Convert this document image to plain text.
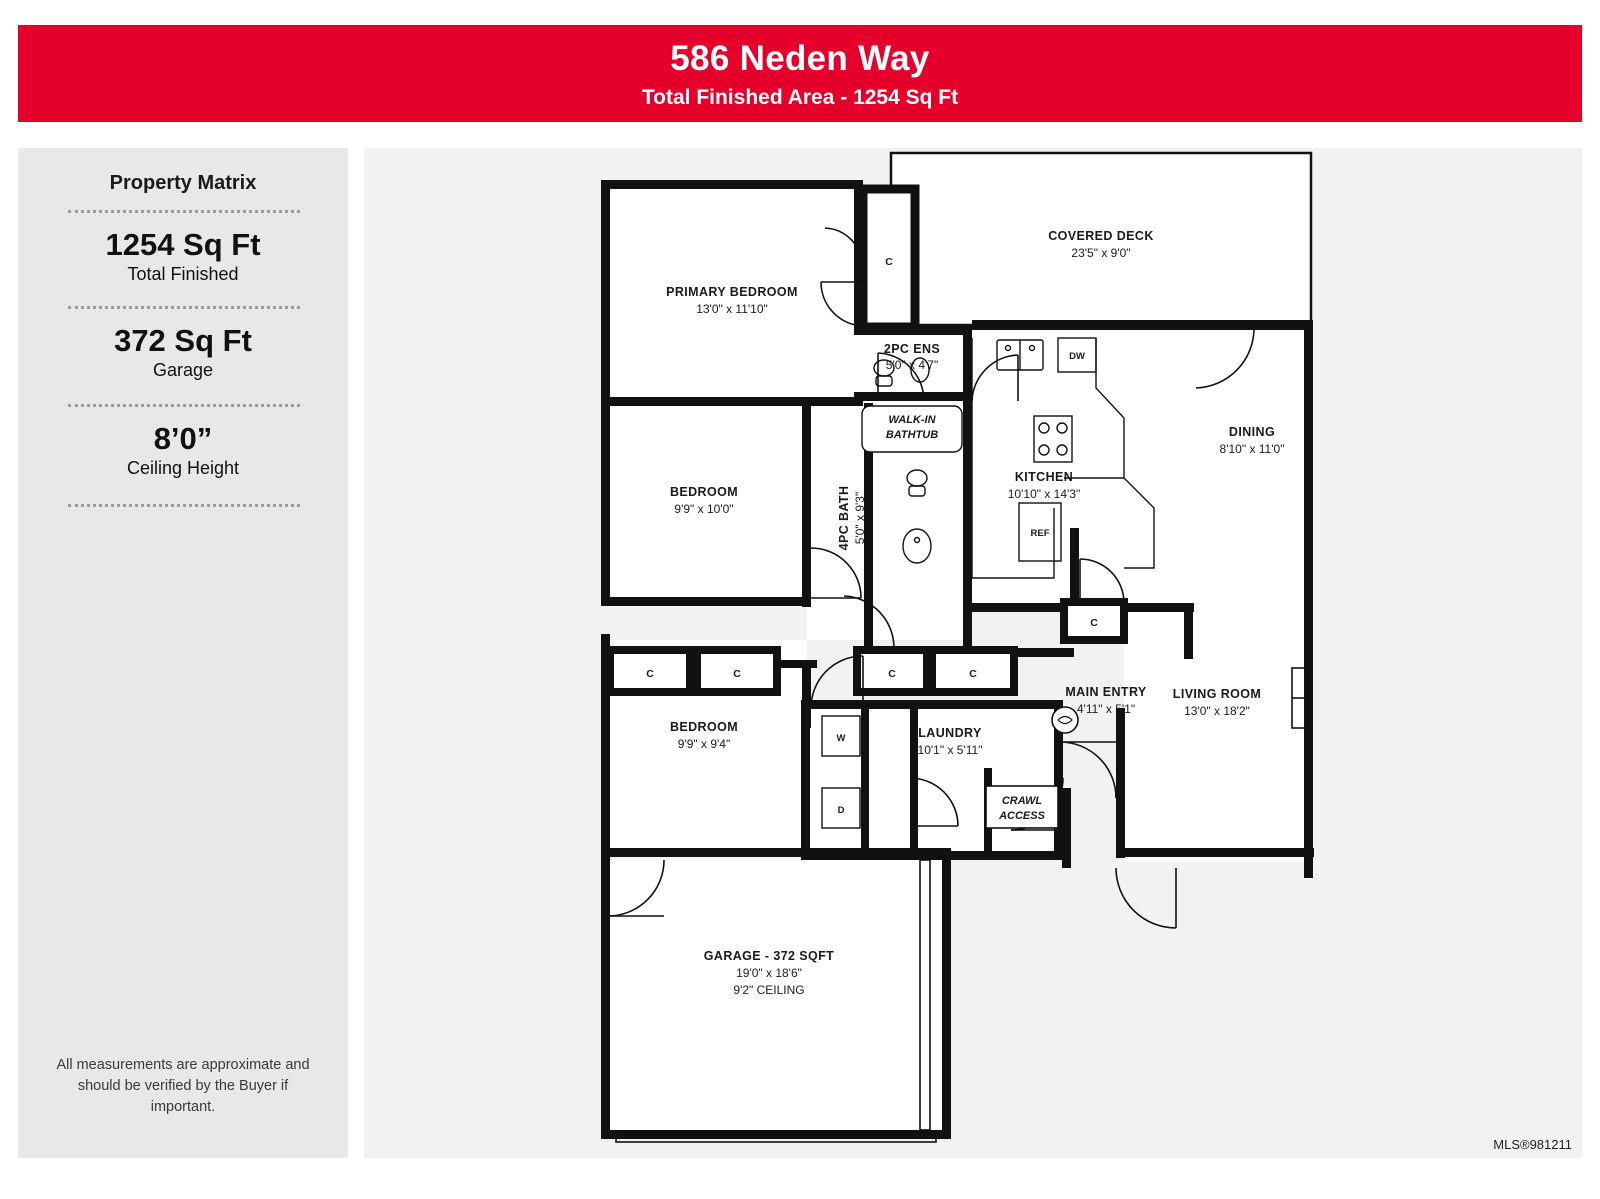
586 Neden Way
Total Finished Area - 1254 Sq Ft
Property Matrix
1254 Sq Ft
Total Finished
372 Sq Ft
Garage
8’0”
Ceiling Height
All measurements are approximate and should be verified by the Buyer if important.
C
C	C	C	C
C
DW
REF
WALK-IN
BATHTUB
W
D
CRAWL
ACCESS
PRIMARY BEDROOM
13'0" x 11'10"
COVERED DECK
23'5" x 9'0"
2PC ENS
5'0" x 4'7"
KITCHEN
10'10" x 14'3"
DINING
8'10" x 11'0"
BEDROOM
9'9" x 10'0"	4PC BATH 5'0" x 9'3"
LIVING ROOM
13'0" x 18'2"
BEDROOM
9'9" x 9'4"
LAUNDRY
10'1" x 5'11"
MAIN ENTRY
4'11" x 5'1"
GARAGE - 372 SQFT
19'0" x 18'6"
9'2" CEILING
MLS®981211
